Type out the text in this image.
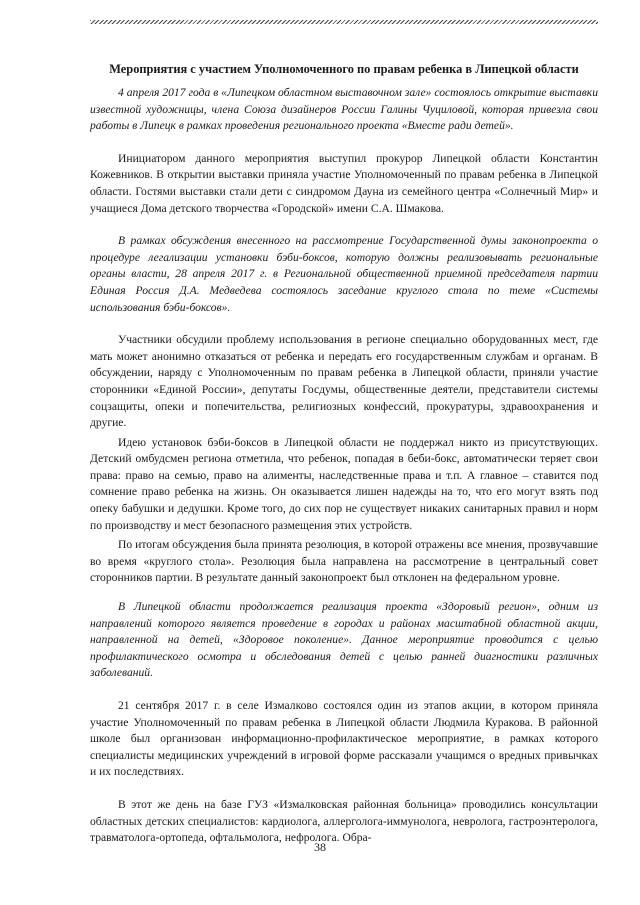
Мероприятия с участием Уполномоченного по правам ребенка в Липецкой области

4 апреля 2017 года в «Липецком областном выставочном зале» состоялось открытие выставки известной художницы, члена Союза дизайнеров России Галины Чуциловой, которая привезла свои работы в Липецк в рамках проведения регионального проекта «Вместе ради детей».

Инициатором данного мероприятия выступил прокурор Липецкой области Константин Кожевников. В открытии выставки приняла участие Уполномоченный по правам ребенка в Липецкой области. Гостями выставки стали дети с синдромом Дауна из семейного центра «Солнечный Мир» и учащиеся Дома детского творчества «Городской» имени С.А. Шмакова.

В рамках обсуждения внесенного на рассмотрение Государственной думы законопроекта о процедуре легализации установки бэби-боксов, которую должны реализовывать региональные органы власти, 28 апреля 2017 г. в Региональной общественной приемной председателя партии Единая Россия Д.А. Медведева состоялось заседание круглого стола по теме «Системы использования бэби-боксов».

Участники обсудили проблему использования в регионе специально оборудованных мест, где мать может анонимно отказаться от ребенка и передать его государственным службам и органам. В обсуждении, наряду с Уполномоченным по правам ребенка в Липецкой области, приняли участие сторонники «Единой России», депутаты Госдумы, общественные деятели, представители системы соцзащиты, опеки и попечительства, религиозных конфессий, прокуратуры, здравоохранения и другие.

Идею установок бэби-боксов в Липецкой области не поддержал никто из присутствующих. Детский омбудсмен региона отметила, что ребенок, попадая в беби-бокс, автоматически теряет свои права: право на семью, право на алименты, наследственные права и т.п. А главное – ставится под сомнение право ребенка на жизнь. Он оказывается лишен надежды на то, что его могут взять под опеку бабушки и дедушки. Кроме того, до сих пор не существует никаких санитарных правил и норм по производству и мест безопасного размещения этих устройств.

По итогам обсуждения была принята резолюция, в которой отражены все мнения, прозвучавшие во время «круглого стола». Резолюция была направлена на рассмотрение в центральный совет сторонников партии. В результате данный законопроект был отклонен на федеральном уровне.

В Липецкой области продолжается реализация проекта «Здоровый регион», одним из направлений которого является проведение в городах и районах масштабной областной акции, направленной на детей, «Здоровое поколение». Данное мероприятие проводится с целью профилактического осмотра и обследования детей с целью ранней диагностики различных заболеваний.

21 сентября 2017 г. в селе Измалково состоялся один из этапов акции, в котором приняла участие Уполномоченный по правам ребенка в Липецкой области Людмила Куракова. В районной школе был организован информационно-профилактическое мероприятие, в рамках которого специалисты медицинских учреждений в игровой форме рассказали учащимся о вредных привычках и их последствиях.

В этот же день на базе ГУЗ «Измалковская районная больница» проводились консультации областных детских специалистов: кардиолога, аллерголога-иммунолога, невролога, гастроэнтеролога, травматолога-ортопеда, офтальмолога, нефролога. Обра-

38
